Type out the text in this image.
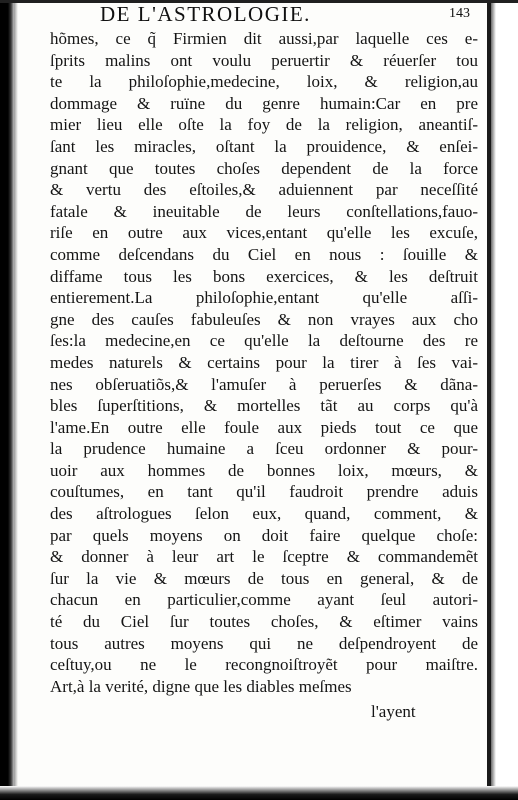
DE L'ASTROLOGIE.	143
hõmes, ce q̃ Firmien dit aussi,par laquelle ces e-
ſprits malins ont voulu peruertir & réuerſer tou
te la philoſophie,medecine, loix, & religion,au
dommage & ruïne du genre humain:Car en pre
mier lieu elle oſte la foy de la religion, aneantiſ-
ſant les miracles, oſtant la prouidence, & enſei-
gnant que toutes choſes dependent de la force
& vertu des eſtoiles,& aduiennent par neceſſité
fatale & ineuitable de leurs conſtellations,fauo-
riſe en outre aux vices,entant qu'elle les excuſe,
comme deſcendans du Ciel en nous : ſouille &
diffame tous les bons exercices, & les deſtruit
entierement.La philoſophie,entant qu'elle aſſi-
gne des cauſes fabuleuſes & non vrayes aux cho
ſes:la medecine,en ce qu'elle la deſtourne des re
medes naturels & certains pour la tirer à ſes vai-
nes obſeruatiõs,& l'amuſer à peruerſes & dãna-
bles ſuperſtitions, & mortelles tãt au corps qu'à
l'ame.En outre elle foule aux pieds tout ce que
la prudence humaine a ſceu ordonner & pour-
uoir aux hommes de bonnes loix, mœurs, &
couſtumes, en tant qu'il faudroit prendre aduis
des aſtrologues ſelon eux, quand, comment, &
par quels moyens on doit faire quelque choſe:
& donner à leur art le ſceptre & commandemẽt
ſur la vie & mœurs de tous en general, & de
chacun en particulier,comme ayant ſeul autori-
té du Ciel ſur toutes choſes, & eſtimer vains
tous autres moyens qui ne deſpendroyent de
ceſtuy,ou ne le recongnoiſtroyẽt pour maiſtre.
Art,à la verité, digne que les diables meſmes
l'ayent
